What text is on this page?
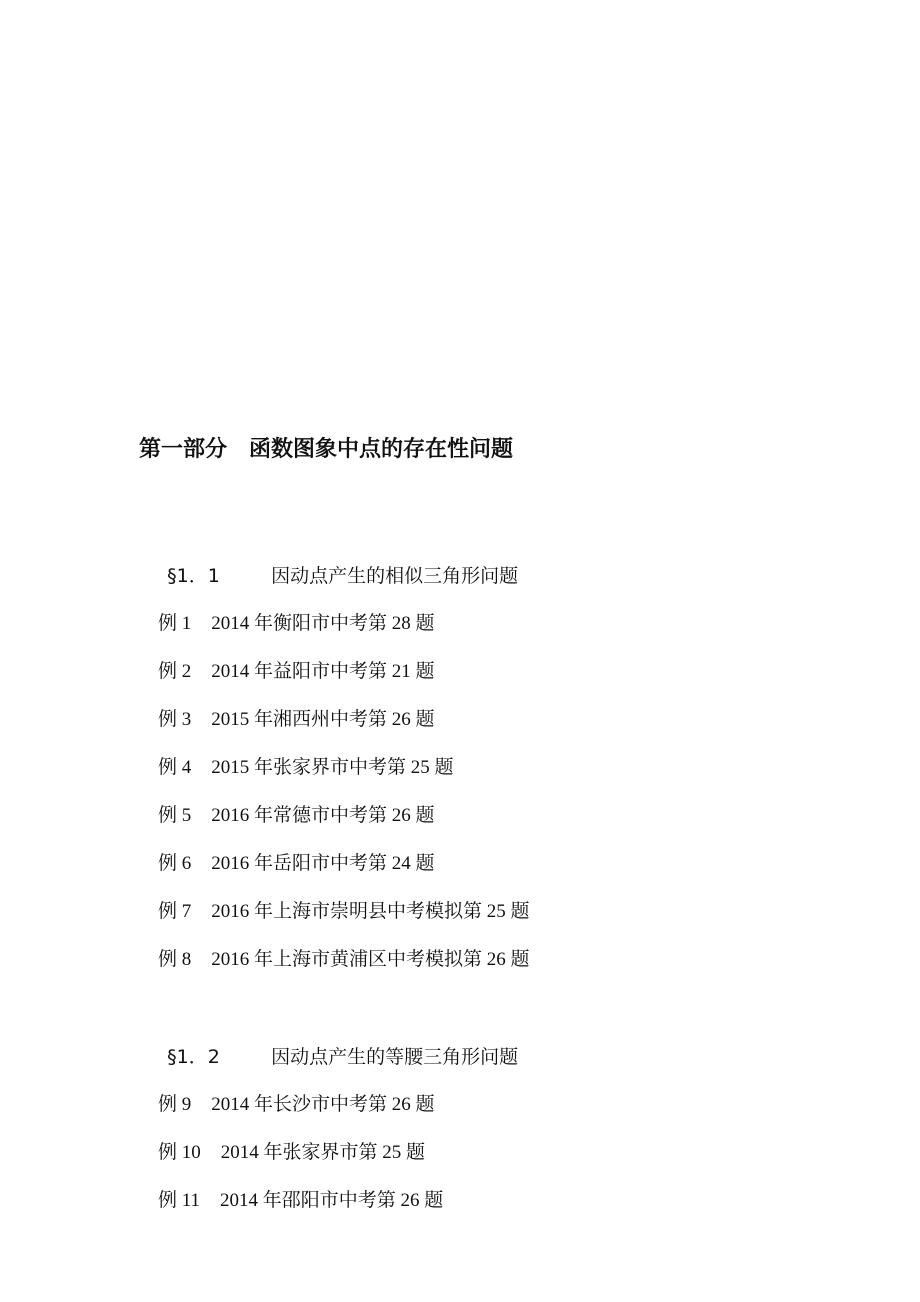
第一部分　函数图象中点的存在性问题

§1．1	因动点产生的相似三角形问题

例 1 2014 年衡阳市中考第 28 题

例 2 2014 年益阳市中考第 21 题

例 3 2015 年湘西州中考第 26 题

例 4 2015 年张家界市中考第 25 题

例 5 2016 年常德市中考第 26 题

例 6 2016 年岳阳市中考第 24 题

例 7 2016 年上海市崇明县中考模拟第 25 题

例 8 2016 年上海市黄浦区中考模拟第 26 题

§1．2	因动点产生的等腰三角形问题

例 9 2014 年长沙市中考第 26 题

例 10 2014 年张家界市第 25 题

例 11 2014 年邵阳市中考第 26 题
